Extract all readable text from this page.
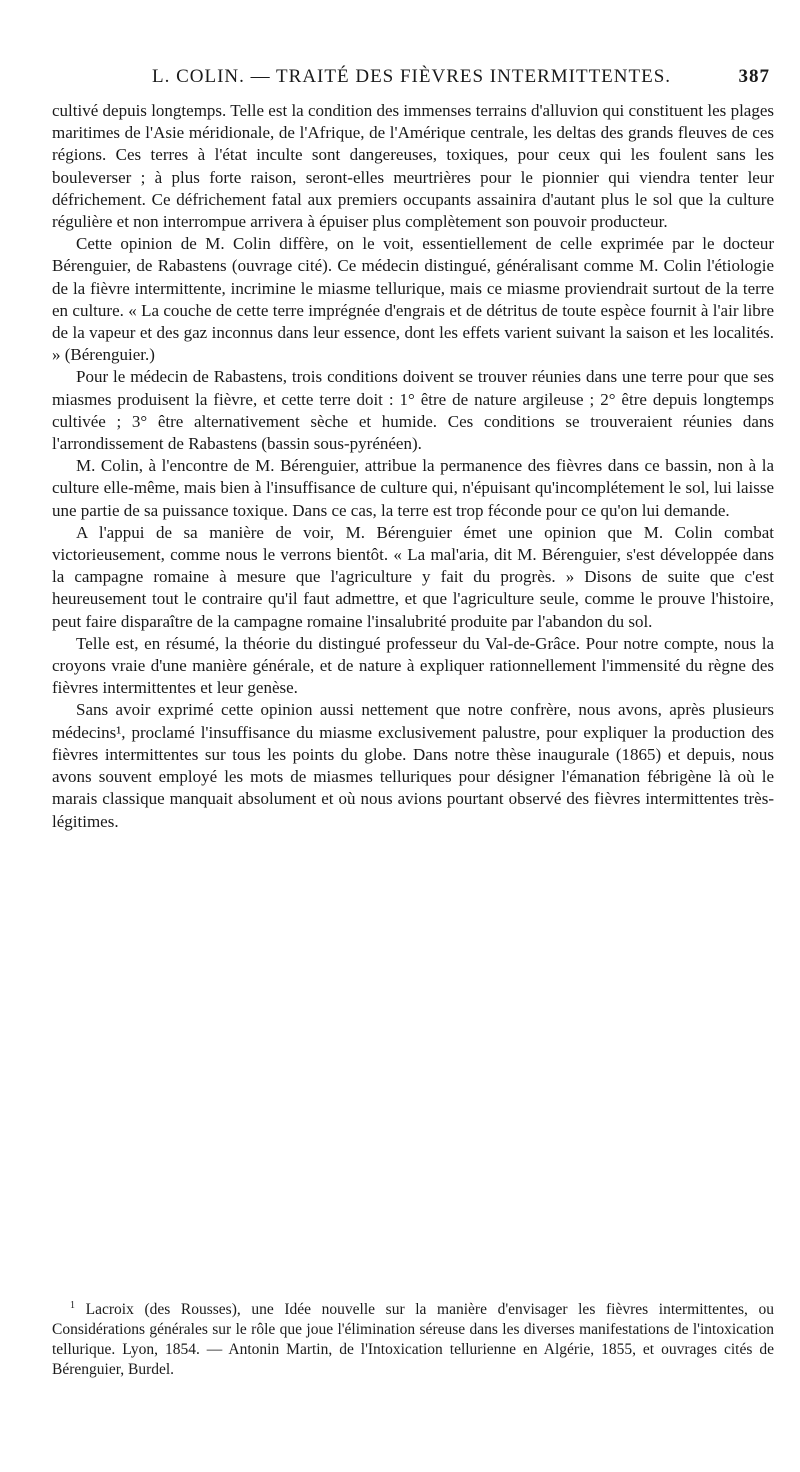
L. COLIN. — TRAITÉ DES FIÈVRES INTERMITTENTES.	387

cultivé depuis longtemps. Telle est la condition des immenses terrains d'alluvion qui constituent les plages maritimes de l'Asie méridionale, de l'Afrique, de l'Amérique centrale, les deltas des grands fleuves de ces régions. Ces terres à l'état inculte sont dangereuses, toxiques, pour ceux qui les foulent sans les bouleverser ; à plus forte raison, seront-elles meurtrières pour le pionnier qui viendra tenter leur défrichement. Ce défrichement fatal aux premiers occupants assainira d'autant plus le sol que la culture régulière et non interrompue arrivera à épuiser plus complètement son pouvoir producteur.

Cette opinion de M. Colin diffère, on le voit, essentiellement de celle exprimée par le docteur Bérenguier, de Rabastens (ouvrage cité). Ce médecin distingué, généralisant comme M. Colin l'étiologie de la fièvre intermittente, incrimine le miasme tellurique, mais ce miasme proviendrait surtout de la terre en culture. « La couche de cette terre imprégnée d'engrais et de détritus de toute espèce fournit à l'air libre de la vapeur et des gaz inconnus dans leur essence, dont les effets varient suivant la saison et les localités. » (Bérenguier.)

Pour le médecin de Rabastens, trois conditions doivent se trouver réunies dans une terre pour que ses miasmes produisent la fièvre, et cette terre doit : 1° être de nature argileuse ; 2° être depuis longtemps cultivée ; 3° être alternativement sèche et humide. Ces conditions se trouveraient réunies dans l'arrondissement de Rabastens (bassin sous-pyrénéen).

M. Colin, à l'encontre de M. Bérenguier, attribue la permanence des fièvres dans ce bassin, non à la culture elle-même, mais bien à l'insuffisance de culture qui, n'épuisant qu'incomplétement le sol, lui laisse une partie de sa puissance toxique. Dans ce cas, la terre est trop féconde pour ce qu'on lui demande.

A l'appui de sa manière de voir, M. Bérenguier émet une opinion que M. Colin combat victorieusement, comme nous le verrons bientôt. « La mal'aria, dit M. Bérenguier, s'est développée dans la campagne romaine à mesure que l'agriculture y fait du progrès. » Disons de suite que c'est heureusement tout le contraire qu'il faut admettre, et que l'agriculture seule, comme le prouve l'histoire, peut faire disparaître de la campagne romaine l'insalubrité produite par l'abandon du sol.

Telle est, en résumé, la théorie du distingué professeur du Val-de-Grâce. Pour notre compte, nous la croyons vraie d'une manière générale, et de nature à expliquer rationnellement l'immensité du règne des fièvres intermittentes et leur genèse.

Sans avoir exprimé cette opinion aussi nettement que notre confrère, nous avons, après plusieurs médecins¹, proclamé l'insuffisance du miasme exclusivement palustre, pour expliquer la production des fièvres intermittentes sur tous les points du globe. Dans notre thèse inaugurale (1865) et depuis, nous avons souvent employé les mots de miasmes telluriques pour désigner l'émanation fébrigène là où le marais classique manquait absolument et où nous avions pourtant observé des fièvres intermittentes très-légitimes.

$^1$ Lacroix (des Rousses), une Idée nouvelle sur la manière d'envisager les fièvres intermittentes, ou Considérations générales sur le rôle que joue l'élimination séreuse dans les diverses manifestations de l'intoxication tellurique. Lyon, 1854. — Antonin Martin, de l'Intoxication tellurienne en Algérie, 1855, et ouvrages cités de Bérenguier, Burdel.
